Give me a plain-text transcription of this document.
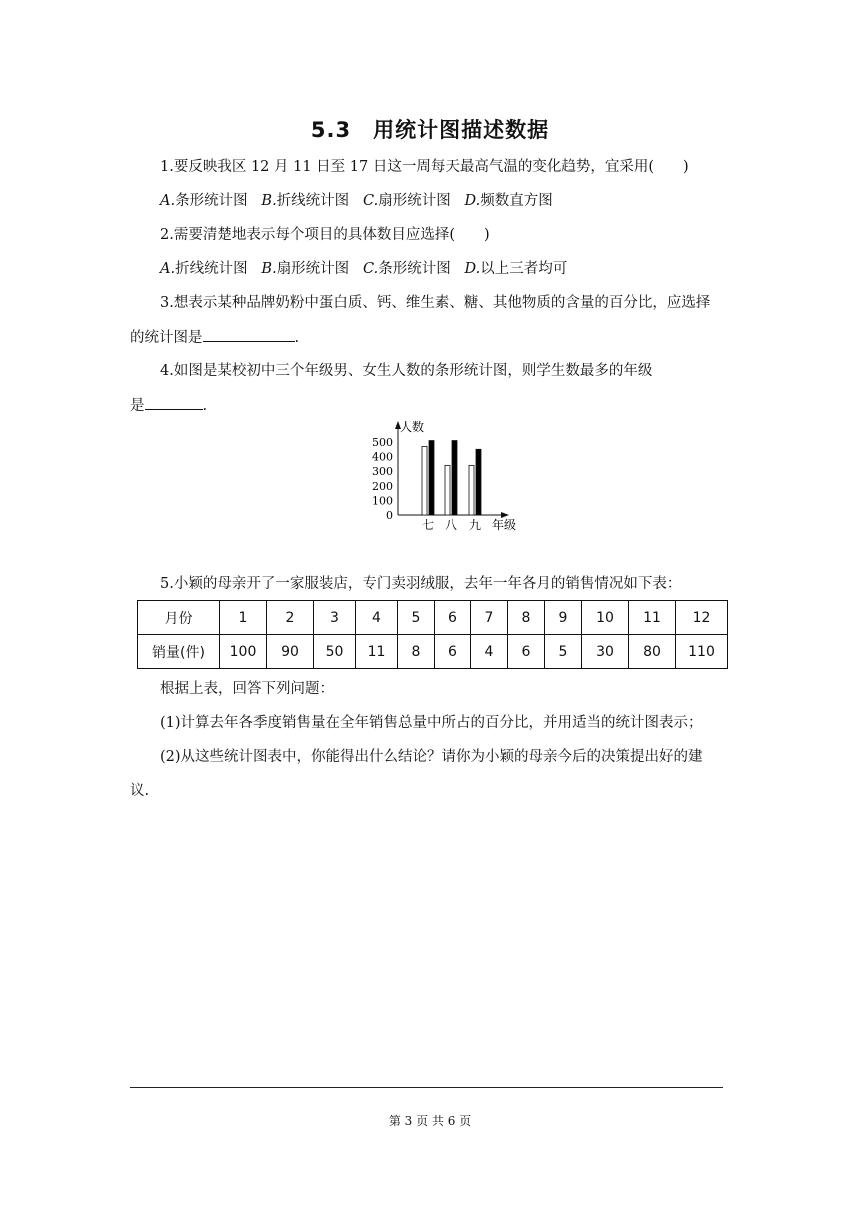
5.3　用统计图描述数据
1.要反映我区 12 月 11 日至 17 日这一周每天最高气温的变化趋势，宜采用(　　)
A.条形统计图 B.折线统计图 C.扇形统计图 D.频数直方图
2.需要清楚地表示每个项目的具体数目应选择(　　)
A.折线统计图 B.扇形统计图 C.条形统计图 D.以上三者均可
3.想表示某种品牌奶粉中蛋白质、钙、维生素、糖、其他物质的含量的百分比，应选择
的统计图是	.
4.如图是某校初中三个年级男、女生人数的条形统计图，则学生数最多的年级
是	.
人数
年级
500
400
300
200
100
0
七 八 九
5.小颖的母亲开了一家服装店，专门卖羽绒服，去年一年各月的销售情况如下表：
月份	1	2	3	4	5	6	7	8	9	10	11	12
销量(件)	100	90	50	11	8	6	4	6	5	30	80	110
根据上表，回答下列问题：
(1)计算去年各季度销售量在全年销售总量中所占的百分比，并用适当的统计图表示；
(2)从这些统计图表中，你能得出什么结论？请你为小颖的母亲今后的决策提出好的建
议.
第 3 页 共 6 页
